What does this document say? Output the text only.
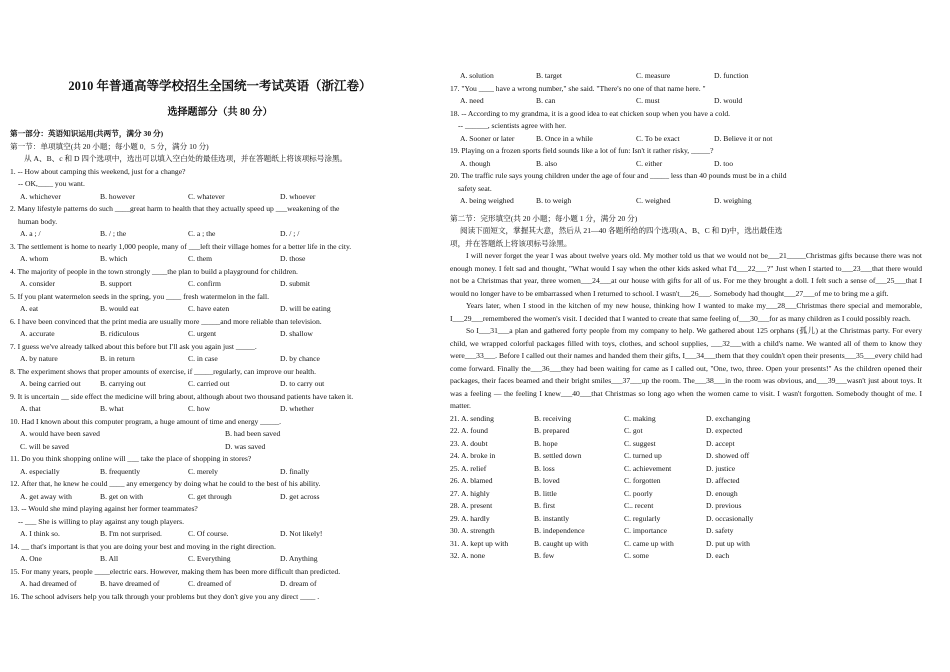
2010 年普通高等学校招生全国统一考试英语（浙江卷）
选择题部分（共 80 分）
第一部分：英语知识运用(共两节，满分 30 分)
第一节：单项填空(共 20 小题；每小题 0．5 分，满分 10 分)
从 A、B、c 和 D 四个选项中，选出可以填入空白处的最佳选项，并在答题纸上将该项标号涂黑。
1. -- How about camping this weekend, just for a change?
-- OK,____ you want.
A. whichever	B. however	C. whatever	D. whoever
2. Many lifestyle patterns do such ____great harm to health that they actually speed up ___weakening of the
human body.
A. a ; /	B. / ; the	C. a ; the	D. / ; /
3. The settlement is home to nearly 1,000 people, many of ___left their village homes for a better life in the city.
A. whom	B. which	C. them	D. those
4. The majority of people in the town strongly ____the plan to build a playground for children.
A. consider	B. support	C. confirm	D. submit
5. If you plant watermelon seeds in the spring, you ____ fresh watermelon in the fall.
A. eat	B. would eat	C. have eaten	D. will be eating
6. I have been convinced that the print media are usually more _____and more reliable than television.
A. accurate	B. ridiculous	C. urgent	D. shallow
7. I guess we've already talked about this before but I'll ask you again just _____.
A. by nature	B. in return	C. in case	D. by chance
8. The experiment shows that proper amounts of exercise, if _____regularly, can improve our health.
A. being carried out	B. carrying out	C. carried out	D. to carry out
9. It is uncertain __ side effect the medicine will bring about, although about two thousand patients have taken it.
A. that	B. what	C. how	D. whether
10. Had I known about this computer program, a huge amount of time and energy _____.
A. would have been saved	B. had been saved
C. will be saved	D. was saved
11. Do you think shopping online will ___ take the place of shopping in stores?
A. especially	B. frequently	C. merely	D. finally
12. After that, he knew he could ____ any emergency by doing what he could to the best of his ability.
A. get away with	B. get on with	C. get through	D. get across
13. -- Would she mind playing against her former teammates?
-- ___ She is willing to play against any tough players.
A. I think so.	B. I'm not surprised.	C. Of course.	D. Not likely!
14. __ that's important is that you are doing your best and moving in the right direction.
A. One	B. All	C. Everything	D. Anything
15. For many years, people ____electric ears. However, making them has been more difficult than predicted.
A. had dreamed of	B. have dreamed of	C. dreamed of	D. dream of
16. The school advisers help you talk through your problems but they don't give you any direct ____ .
A. solution	B. target	C. measure	D. function
17. "You ____ have a wrong number," she said. "There's no one of that name here. "
A. need	B. can	C. must	D. would
18. -- According to my grandma, it is a good idea to eat chicken soup when you have a cold.
-- ______, scientists agree with her.
A. Sooner or later	B. Once in a while	C. To be exact	D. Believe it or not
19. Playing on a frozen sports field sounds like a lot of fun: Isn't it rather risky, _____?
A. though	B. also	C. either	D. too
20. The traffic rule says young children under the age of four and _____ less than 40 pounds must be in a child
safety seat.
A. being weighed	B. to weigh	C. weighed	D. weighing
第二节：完形填空(共 20 小题；每小题 1 分，满分 20 分)
阅读下面短文，掌握其大意，然后从 21—40 各题所给的四个选项(A、B、C 和 D)中，选出最佳选
项，并在答题纸上将该项标号涂黑。

I will never forget the year I was about twelve years old. My mother told us that we would not be___21_____Christmas gifts because there was not enough money. I felt sad and thought, "What would I say when the other kids asked what I'd___22___?" Just when I started to___23___that there would not be a Christmas that year, three women___24___at our house with gifts for all of us. For me they brought a doll. I felt such a sense of___25___that I would no longer have to be embarrassed when I returned to school. I wasn't___26___. Somebody had thought___27___of me to bring me a gift.

Years later, when I stood in the kitchen of my new house, thinking how I wanted to make my___28___Christmas there special and memorable, I___29___remembered the women's visit. I decided that I wanted to create that same feeling of___30___for as many children as I could possibly reach.

So I___31___a plan and gathered forty people from my company to help. We gathered about 125 orphans (孤儿) at the Christmas party. For every child, we wrapped colorful packages filled with toys, clothes, and school supplies, ___32___with a child's name. We wanted all of them to know they were___33___. Before I called out their names and handed them their gifts, I___34___them that they couldn't open their presents___35___every child had come forward. Finally the___36___they had been waiting for came as I called out, "One, two, three. Open your presents!" As the children opened their packages, their faces beamed and their bright smiles___37___up the room. The___38___in the room was obvious, and___39___wasn't just about toys. It was a feeling — the feeling I knew___40___that Christmas so long ago when the women came to visit. I wasn't forgotten. Somebody thought of me. I matter.

21. A. sending	B. receiving	C. making	D. exchanging
22. A. found	B. prepared	C. got	D. expected
23. A. doubt	B. hope	C. suggest	D. accept
24. A. broke in	B. settled down	C. turned up	D. showed off
25. A. relief	B. loss	C. achievement	D. justice
26. A. blamed	B. loved	C. forgotten	D. affected
27. A. highly	B. little	C. poorly	D. enough
28. A. present	B. first	C.. recent	D. previous
29. A. hardly	B. instantly	C. regularly	D. occasionally
30. A. strength	B. independence	C. importance	D. safety
31. A. kept up with	B. caught up with	C. came up with	D. put up with
32. A. none	B. few	C. some	D. each
